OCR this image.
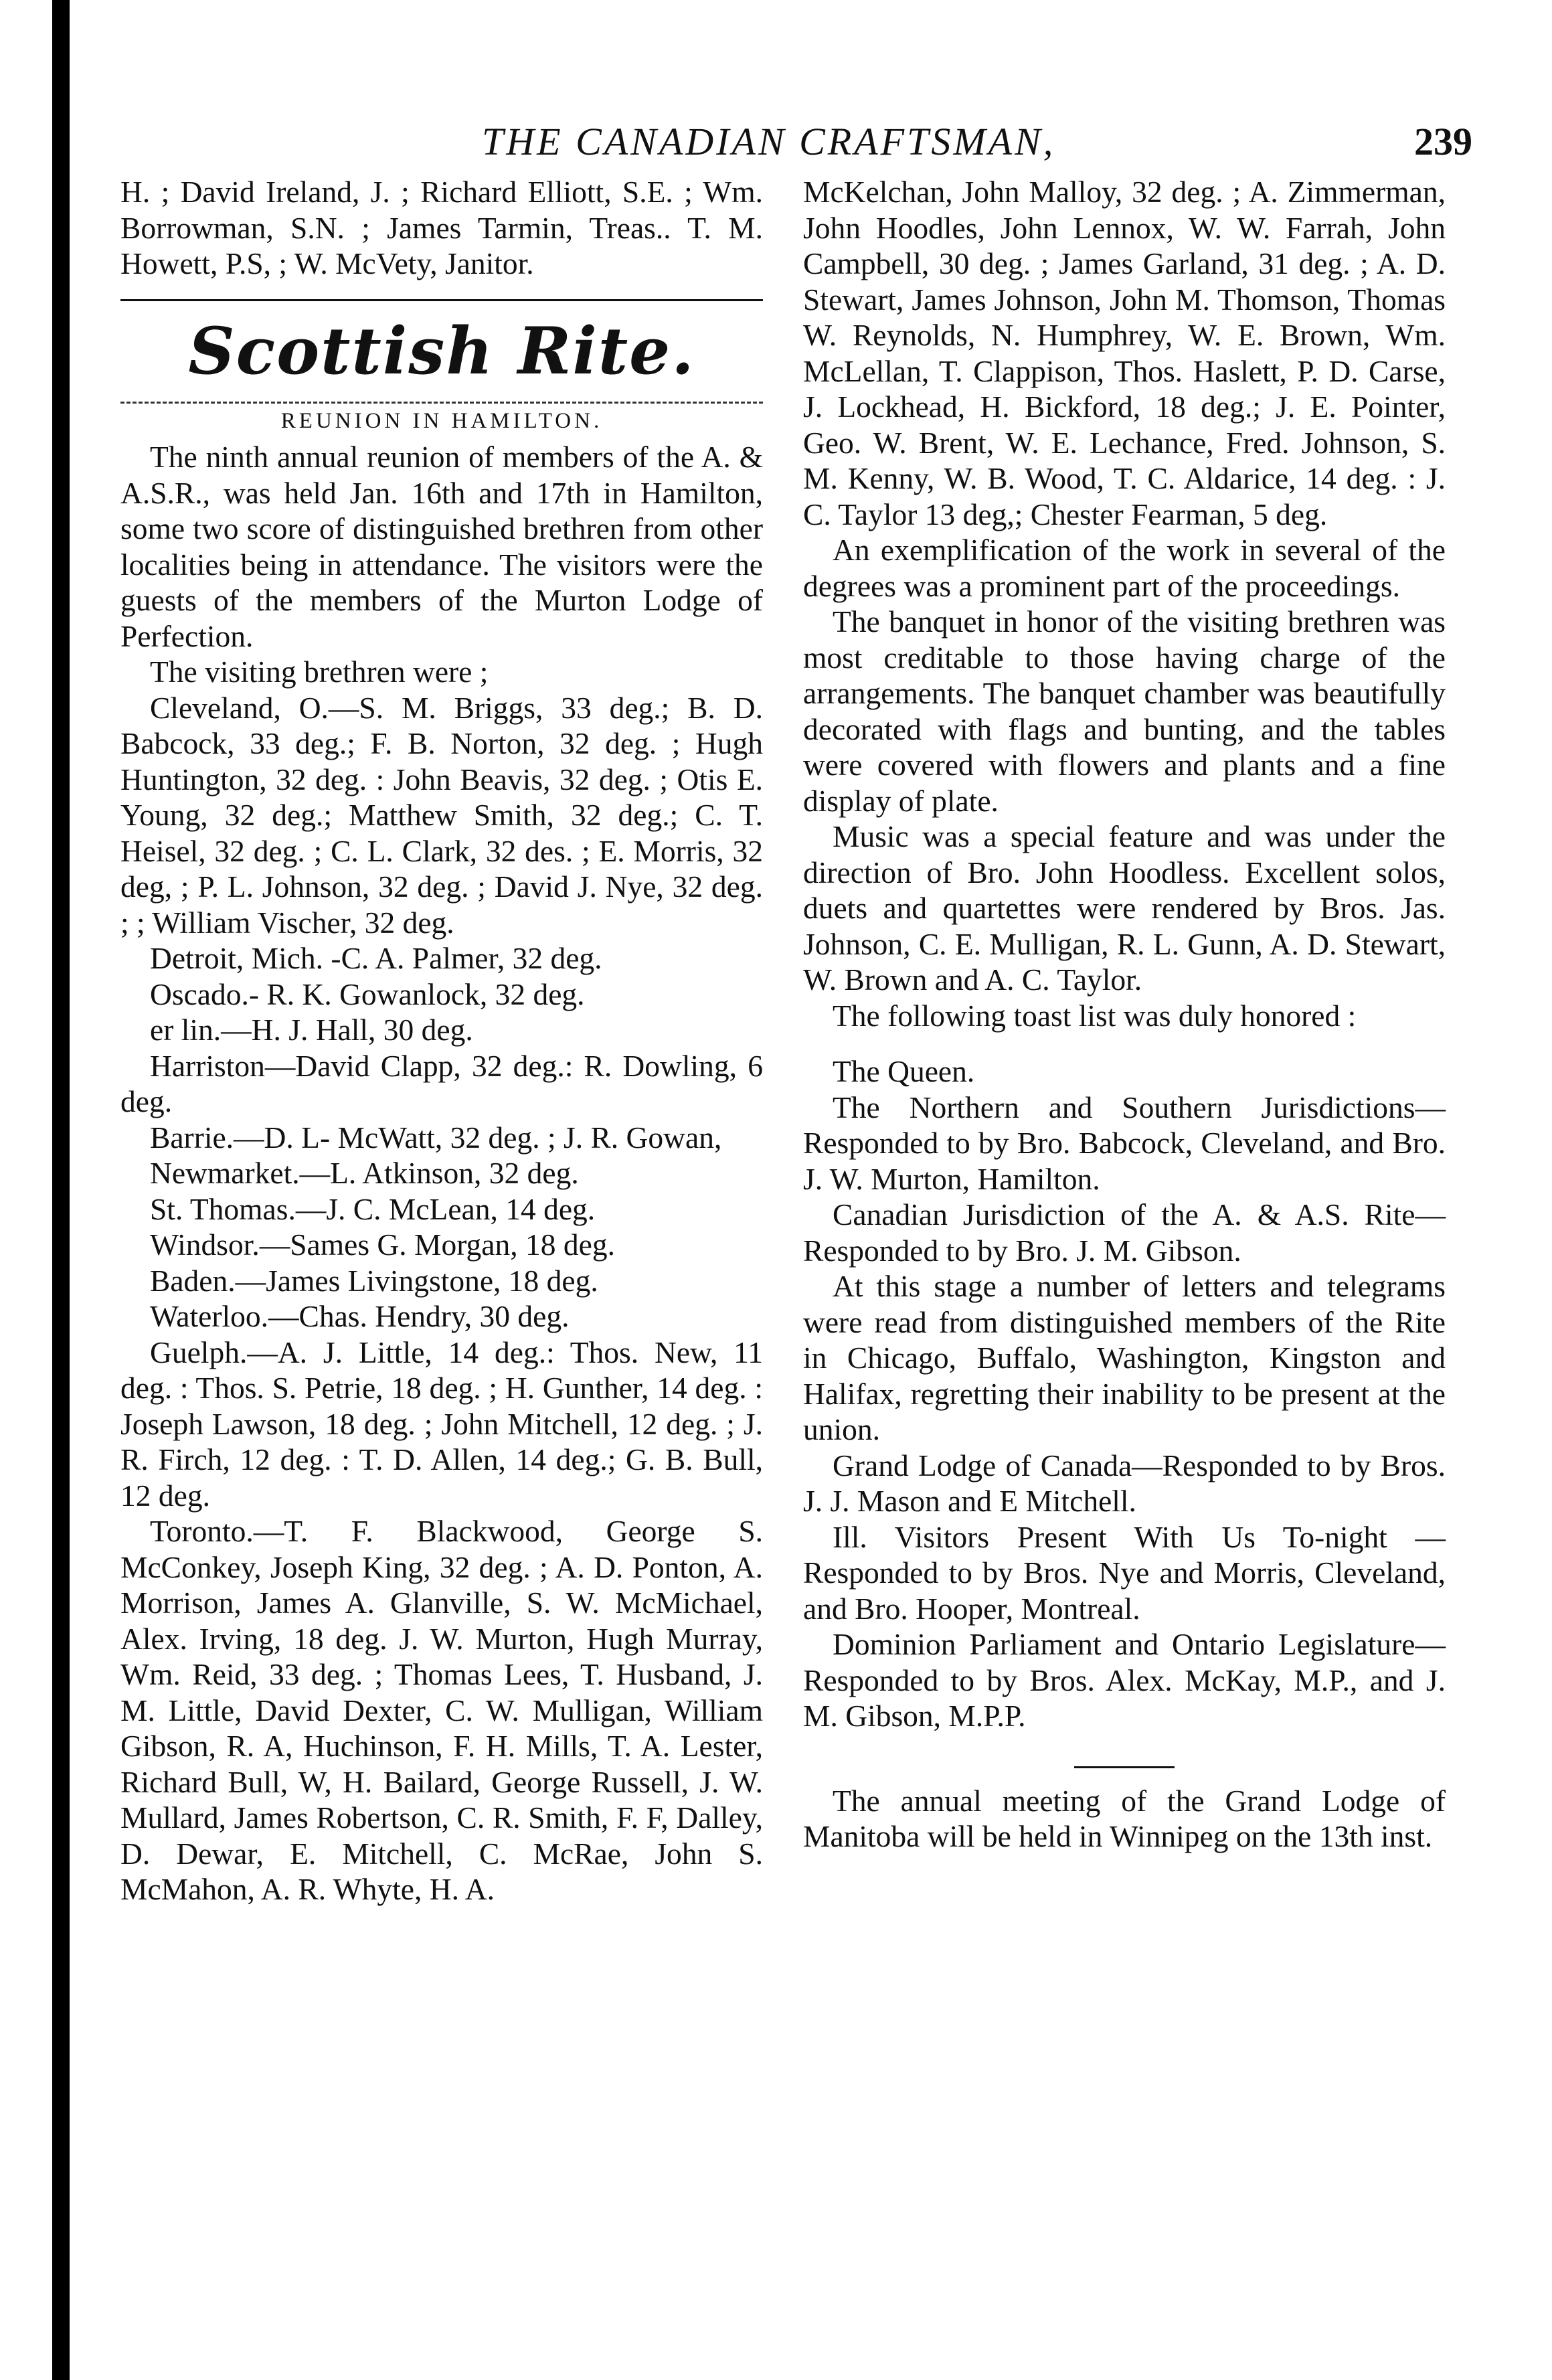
THE CANADIAN CRAFTSMAN,	239

H. ; David Ireland, J. ; Richard Elliott, S.E. ; Wm. Borrowman, S.N. ; James Tarmin, Treas.. T. M. Howett, P.S, ; W. McVety, Janitor.

Scottish Rite.

REUNION IN HAMILTON.

The ninth annual reunion of members of the A. & A.S.R., was held Jan. 16th and 17th in Hamilton, some two score of distinguished brethren from other localities being in attendance. The visitors were the guests of the members of the Murton Lodge of Perfection.

The visiting brethren were ;

Cleveland, O.—S. M. Briggs, 33 deg.; B. D. Babcock, 33 deg.; F. B. Norton, 32 deg. ; Hugh Huntington, 32 deg. : John Beavis, 32 deg. ; Otis E. Young, 32 deg.; Matthew Smith, 32 deg.; C. T. Heisel, 32 deg. ; C. L. Clark, 32 des. ; E. Morris, 32 deg, ; P. L. Johnson, 32 deg. ; David J. Nye, 32 deg. ; ; William Vischer, 32 deg.

Detroit, Mich. -C. A. Palmer, 32 deg.

Oscado.- R. K. Gowanlock, 32 deg.

er lin.—H. J. Hall, 30 deg.

Harriston—David Clapp, 32 deg.: R. Dowling, 6 deg.

Barrie.—D. L- McWatt, 32 deg. ; J. R. Gowan,

Newmarket.—L. Atkinson, 32 deg.

St. Thomas.—J. C. McLean, 14 deg.

Windsor.—Sames G. Morgan, 18 deg.

Baden.—James Livingstone, 18 deg.

Waterloo.—Chas. Hendry, 30 deg.

Guelph.—A. J. Little, 14 deg.: Thos. New, 11 deg. : Thos. S. Petrie, 18 deg. ; H. Gunther, 14 deg. : Joseph Lawson, 18 deg. ; John Mitchell, 12 deg. ; J. R. Firch, 12 deg. : T. D. Allen, 14 deg.; G. B. Bull, 12 deg.

Toronto.—T. F. Blackwood, George S. McConkey, Joseph King, 32 deg. ; A. D. Ponton, A. Morrison, James A. Glanville, S. W. McMichael, Alex. Irving, 18 deg. J. W. Murton, Hugh Murray, Wm. Reid, 33 deg. ; Thomas Lees, T. Husband, J. M. Little, David Dexter, C. W. Mulligan, William Gibson, R. A, Huchinson, F. H. Mills, T. A. Lester, Richard Bull, W, H. Bailard, George Russell, J. W. Mullard, James Robertson, C. R. Smith, F. F, Dalley, D. Dewar, E. Mitchell, C. McRae, John S. McMahon, A. R. Whyte, H. A.

McKelchan, John Malloy, 32 deg. ; A. Zimmerman, John Hoodles, John Lennox, W. W. Farrah, John Campbell, 30 deg. ; James Garland, 31 deg. ; A. D. Stewart, James Johnson, John M. Thomson, Thomas W. Reynolds, N. Humphrey, W. E. Brown, Wm. McLellan, T. Clappison, Thos. Haslett, P. D. Carse, J. Lockhead, H. Bickford, 18 deg.; J. E. Pointer, Geo. W. Brent, W. E. Lechance, Fred. Johnson, S. M. Kenny, W. B. Wood, T. C. Aldarice, 14 deg. : J. C. Taylor 13 deg,; Chester Fearman, 5 deg.

An exemplification of the work in several of the degrees was a prominent part of the proceedings.

The banquet in honor of the visiting brethren was most creditable to those having charge of the arrangements. The banquet chamber was beautifully decorated with flags and bunting, and the tables were covered with flowers and plants and a fine display of plate.

Music was a special feature and was under the direction of Bro. John Hoodless. Excellent solos, duets and quartettes were rendered by Bros. Jas. Johnson, C. E. Mulligan, R. L. Gunn, A. D. Stewart, W. Brown and A. C. Taylor.

The following toast list was duly honored :

The Queen.

The Northern and Southern Jurisdictions—Responded to by Bro. Babcock, Cleveland, and Bro. J. W. Murton, Hamilton.

Canadian Jurisdiction of the A. & A.S. Rite—Responded to by Bro. J. M. Gibson.

At this stage a number of letters and telegrams were read from distinguished members of the Rite in Chicago, Buffalo, Washington, Kingston and Halifax, regretting their inability to be present at the union.

Grand Lodge of Canada—Responded to by Bros. J. J. Mason and E Mitchell.

Ill. Visitors Present With Us To-night —Responded to by Bros. Nye and Morris, Cleveland, and Bro. Hooper, Montreal.

Dominion Parliament and Ontario Legislature—Responded to by Bros. Alex. McKay, M.P., and J. M. Gibson, M.P.P.

The annual meeting of the Grand Lodge of Manitoba will be held in Winnipeg on the 13th inst.
